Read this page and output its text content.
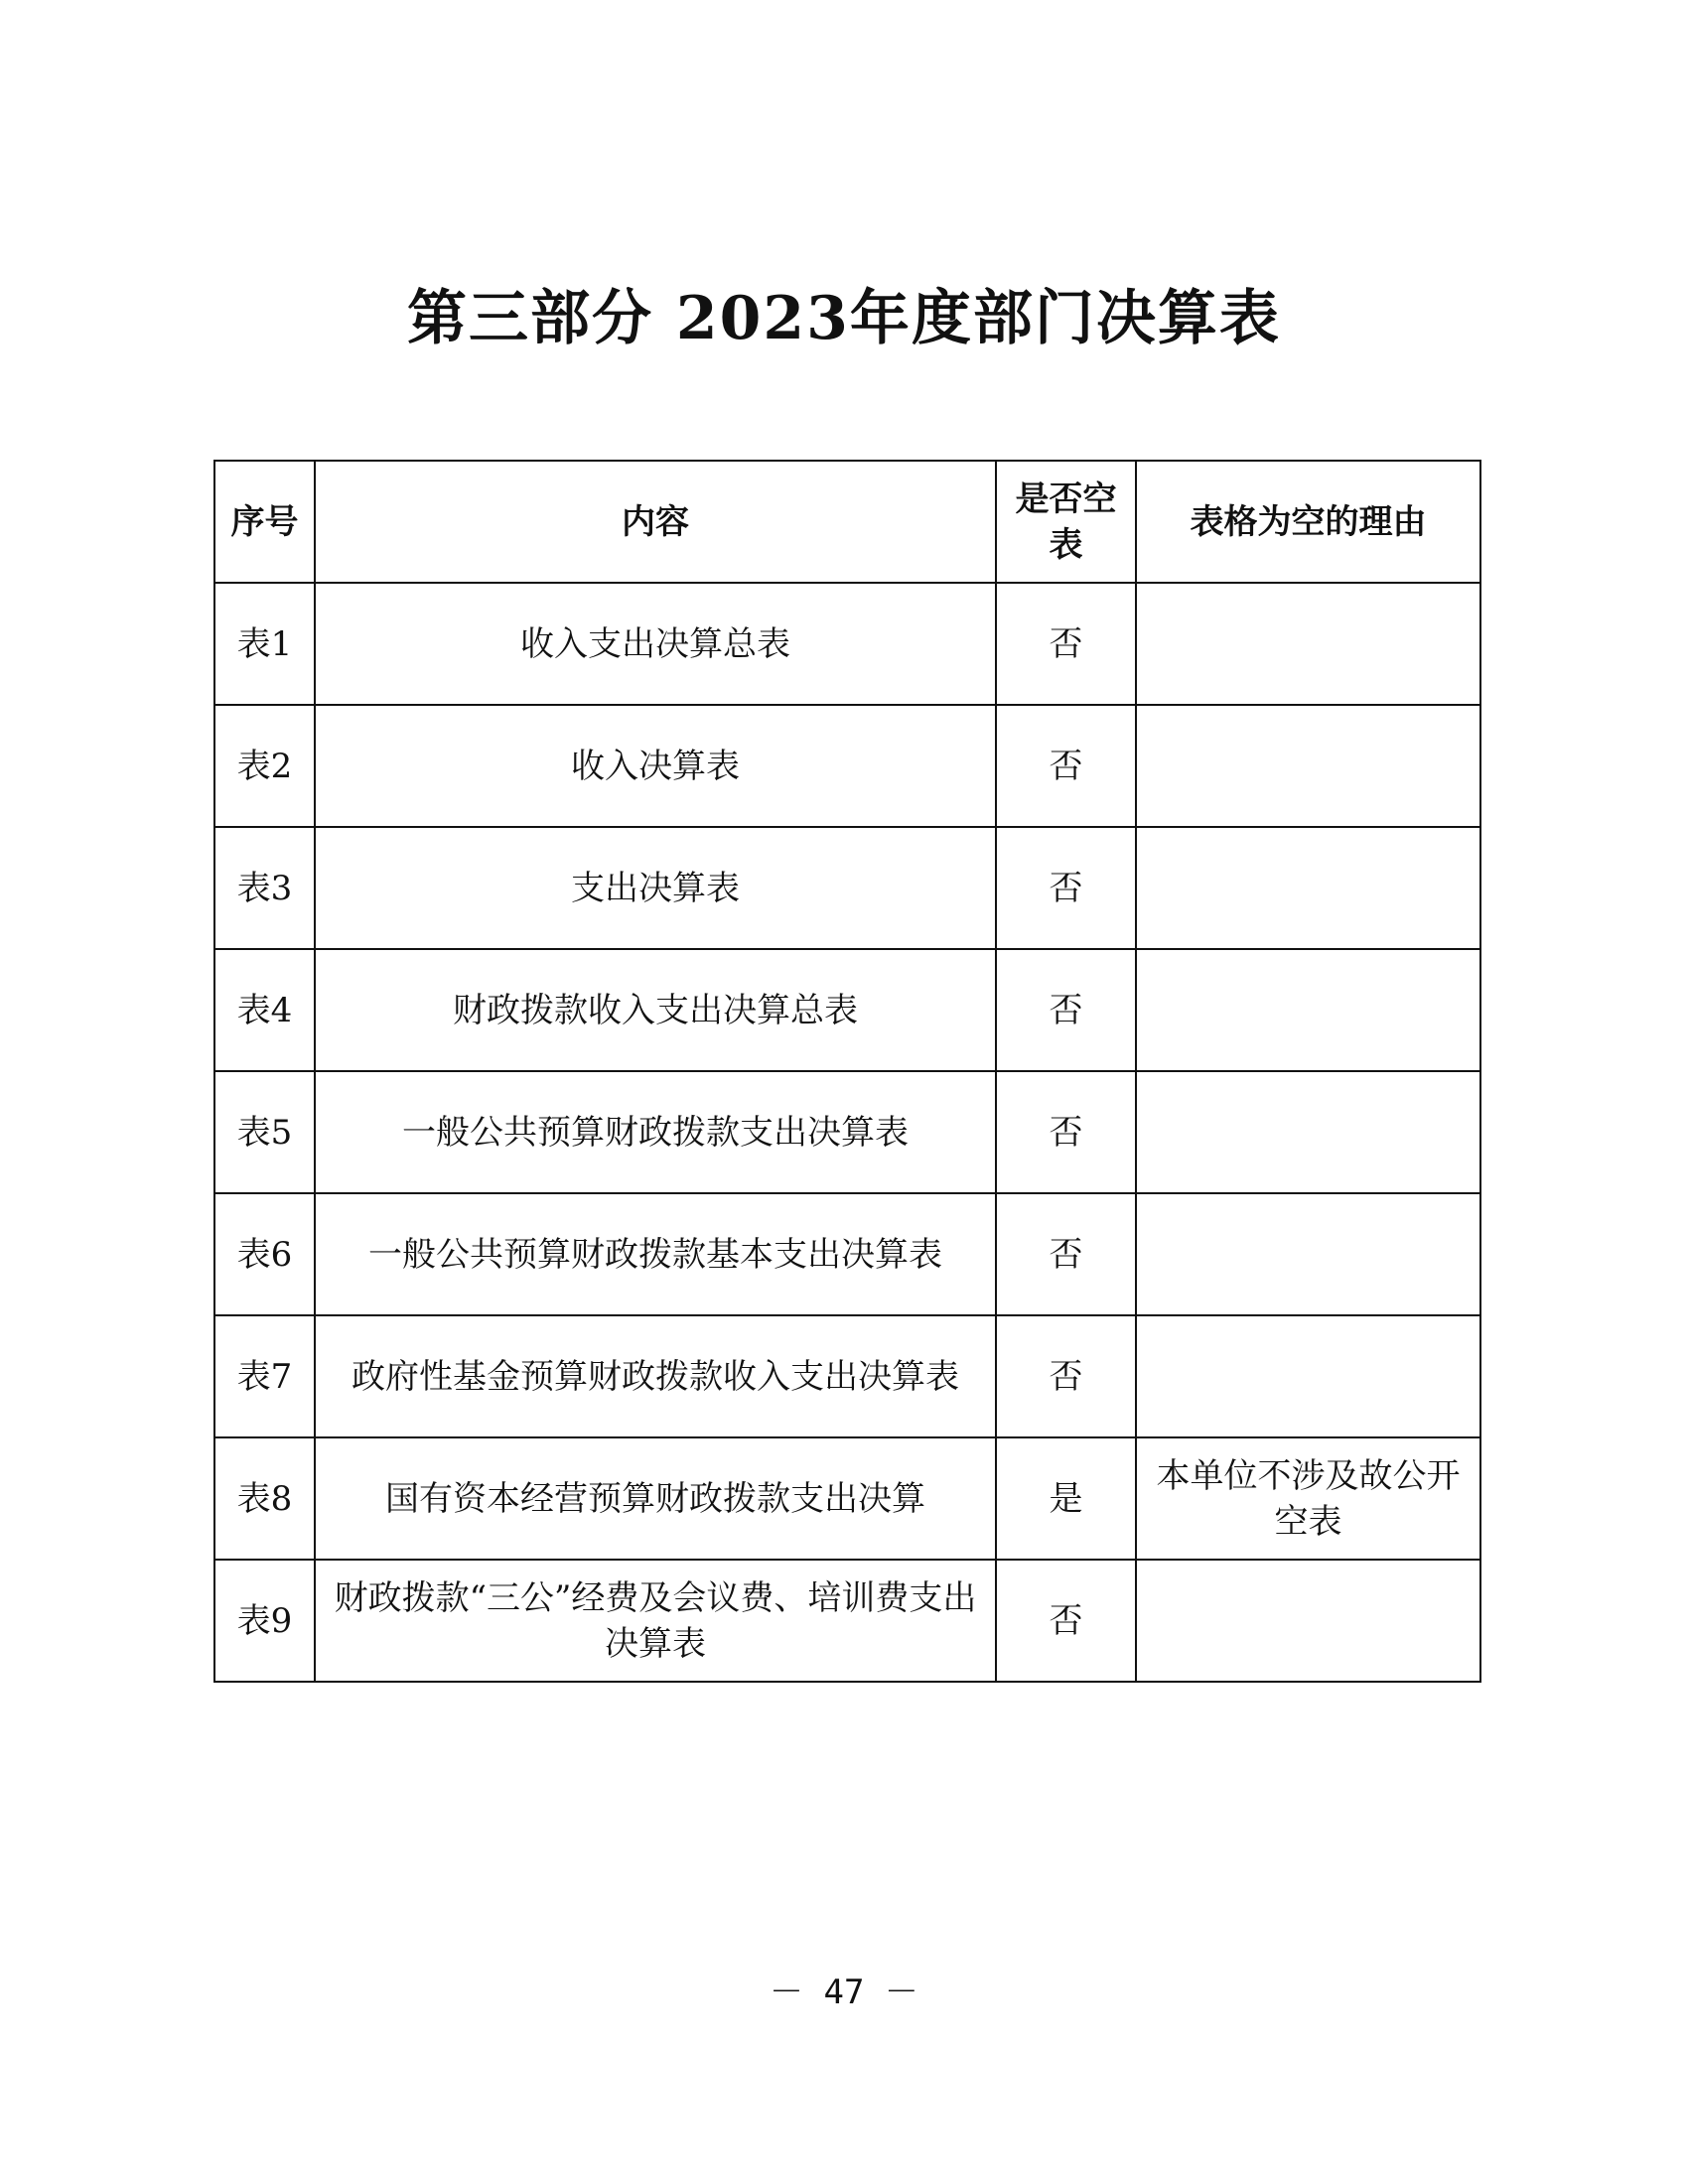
第三部分 2023年度部门决算表
序号	内容	是否空表	表格为空的理由
表1	收入支出决算总表	否	
表2	收入决算表	否	
表3	支出决算表	否	
表4	财政拨款收入支出决算总表	否	
表5	一般公共预算财政拨款支出决算表	否	
表6	一般公共预算财政拨款基本支出决算表	否	
表7	政府性基金预算财政拨款收入支出决算表	否	
表8	国有资本经营预算财政拨款支出决算	是	本单位不涉及故公开空表
表9	财政拨款“三公”经费及会议费、培训费支出决算表	否	
－ 47 －
